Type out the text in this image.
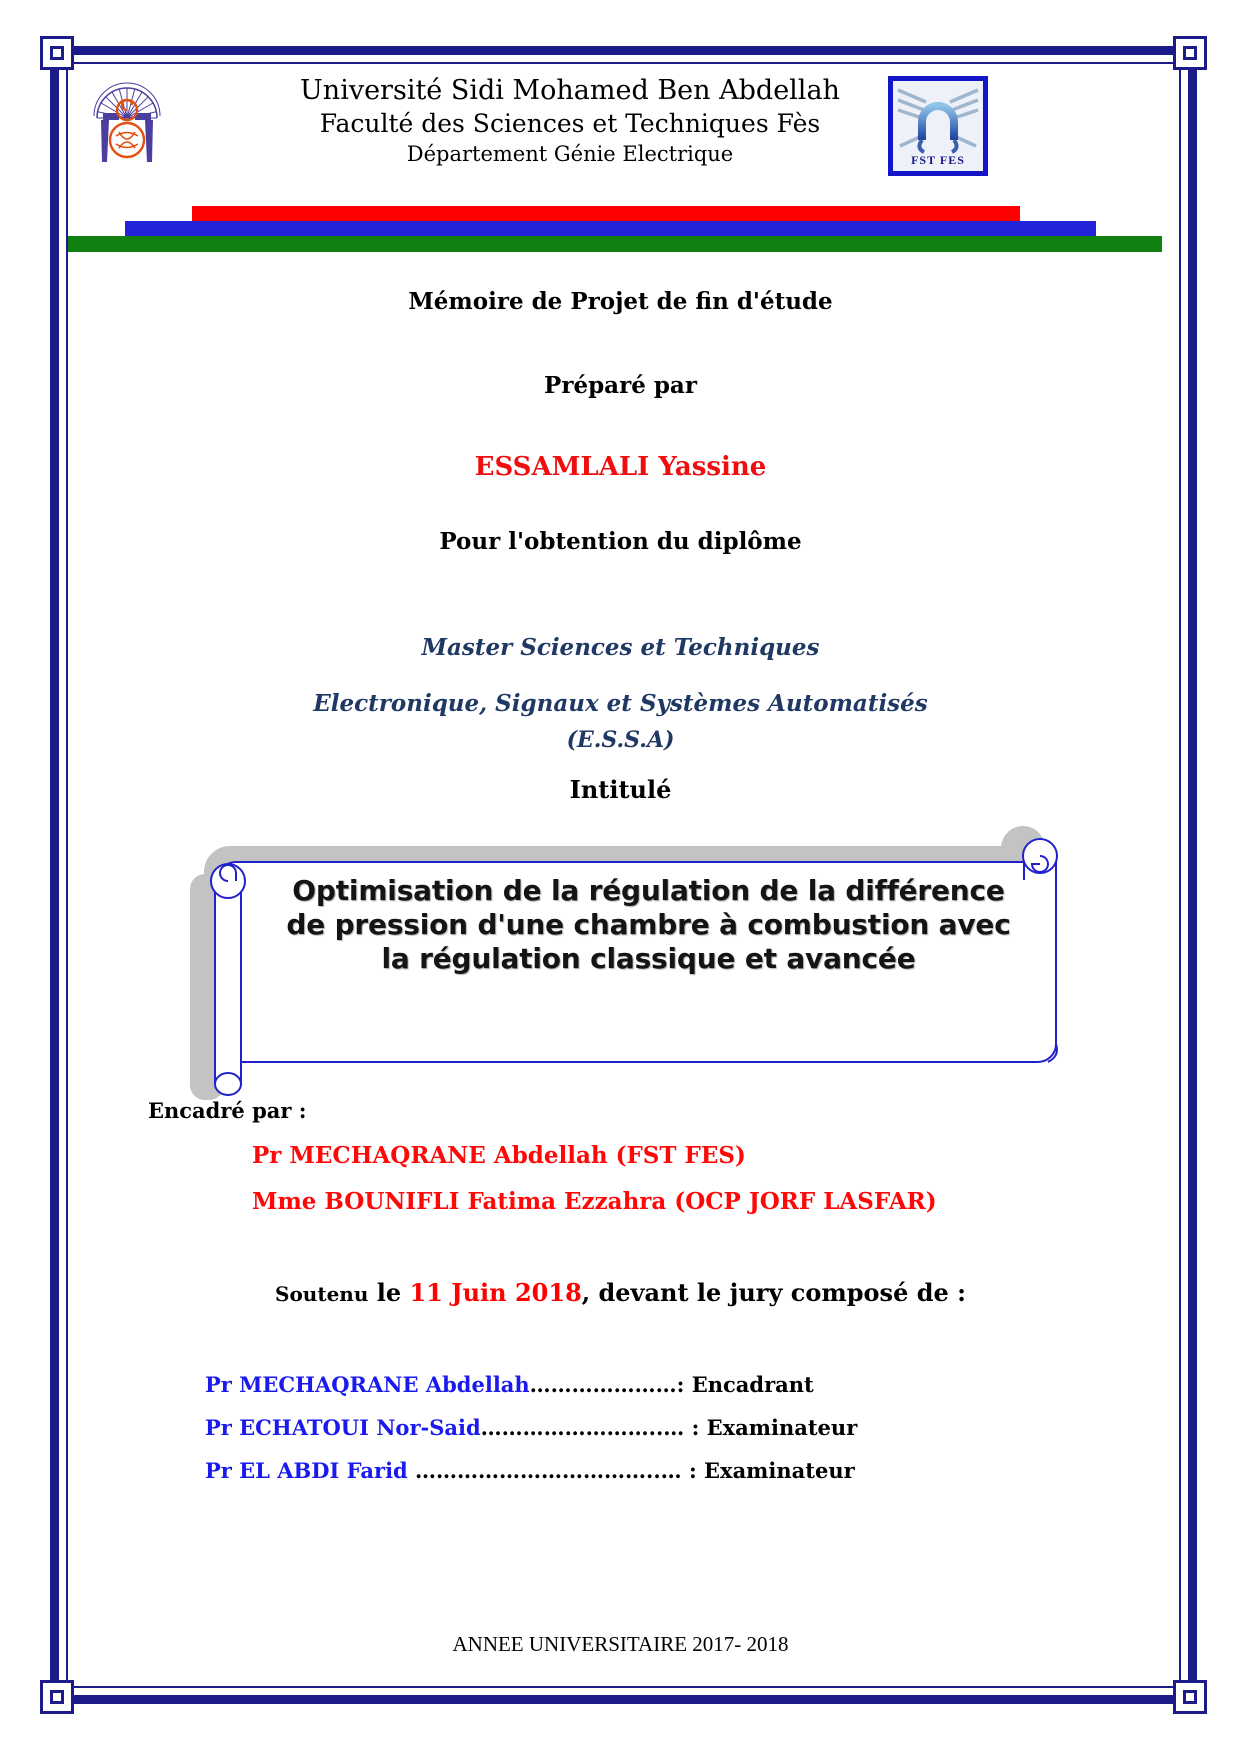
Université Sidi Mohamed Ben Abdellah
Faculté des Sciences et Techniques Fès
Département Génie Electrique	FST FES
Mémoire de Projet de fin d'étude
Préparé par
ESSAMLALI Yassine
Pour l'obtention du diplôme
Master Sciences et Techniques
Electronique, Signaux et Systèmes Automatisés
(E.S.S.A)
Intitulé
Optimisation de la régulation de la différence
de pression d'une chambre à combustion avec
la régulation classique et avancée
Encadré par :
Pr MECHAQRANE Abdellah (FST FES)
Mme BOUNIFLI Fatima Ezzahra (OCP JORF LASFAR)
Soutenu le 11 Juin 2018, devant le jury composé de :
Pr MECHAQRANE Abdellah…………………: Encadrant
Pr ECHATOUI Nor-Said……………………..… : Examinateur
Pr EL ABDI Farid ……………………………..… : Examinateur
ANNEE UNIVERSITAIRE 2017- 2018
